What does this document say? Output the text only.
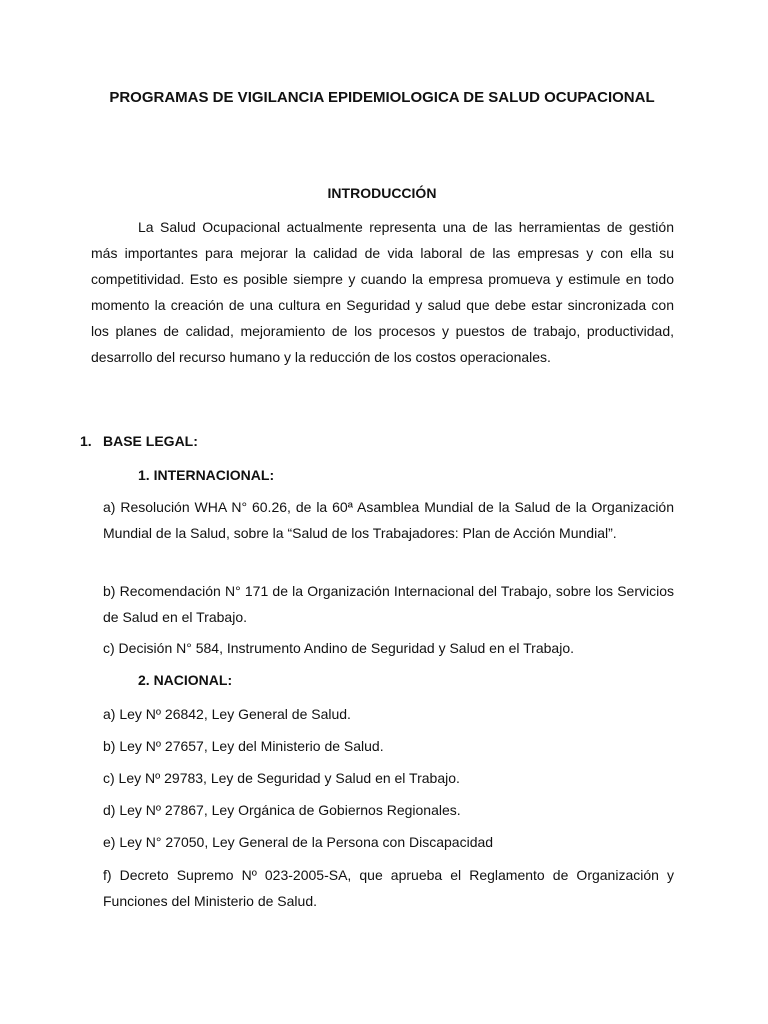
PROGRAMAS DE VIGILANCIA EPIDEMIOLOGICA DE SALUD OCUPACIONAL
INTRODUCCIÓN
La Salud Ocupacional actualmente representa una de las herramientas de gestión más importantes para mejorar la calidad de vida laboral de las empresas y con ella su competitividad. Esto es posible siempre y cuando la empresa promueva y estimule en todo momento la creación de una cultura en Seguridad y salud que debe estar sincronizada con los planes de calidad, mejoramiento de los procesos y puestos de trabajo, productividad, desarrollo del recurso humano y la reducción de los costos operacionales.
1. BASE LEGAL:
1. INTERNACIONAL:
a) Resolución WHA N° 60.26, de la 60ª Asamblea Mundial de la Salud de la Organización Mundial de la Salud, sobre la “Salud de los Trabajadores: Plan de Acción Mundial”.
b) Recomendación N° 171 de la Organización Internacional del Trabajo, sobre los Servicios de Salud en el Trabajo.
c) Decisión N° 584, Instrumento Andino de Seguridad y Salud en el Trabajo.
2. NACIONAL:
a) Ley Nº 26842, Ley General de Salud.
b) Ley Nº 27657, Ley del Ministerio de Salud.
c) Ley Nº 29783, Ley de Seguridad y Salud en el Trabajo.
d) Ley Nº 27867, Ley Orgánica de Gobiernos Regionales.
e) Ley N° 27050, Ley General de la Persona con Discapacidad
f) Decreto Supremo Nº 023-2005-SA, que aprueba el Reglamento de Organización y Funciones del Ministerio de Salud.
